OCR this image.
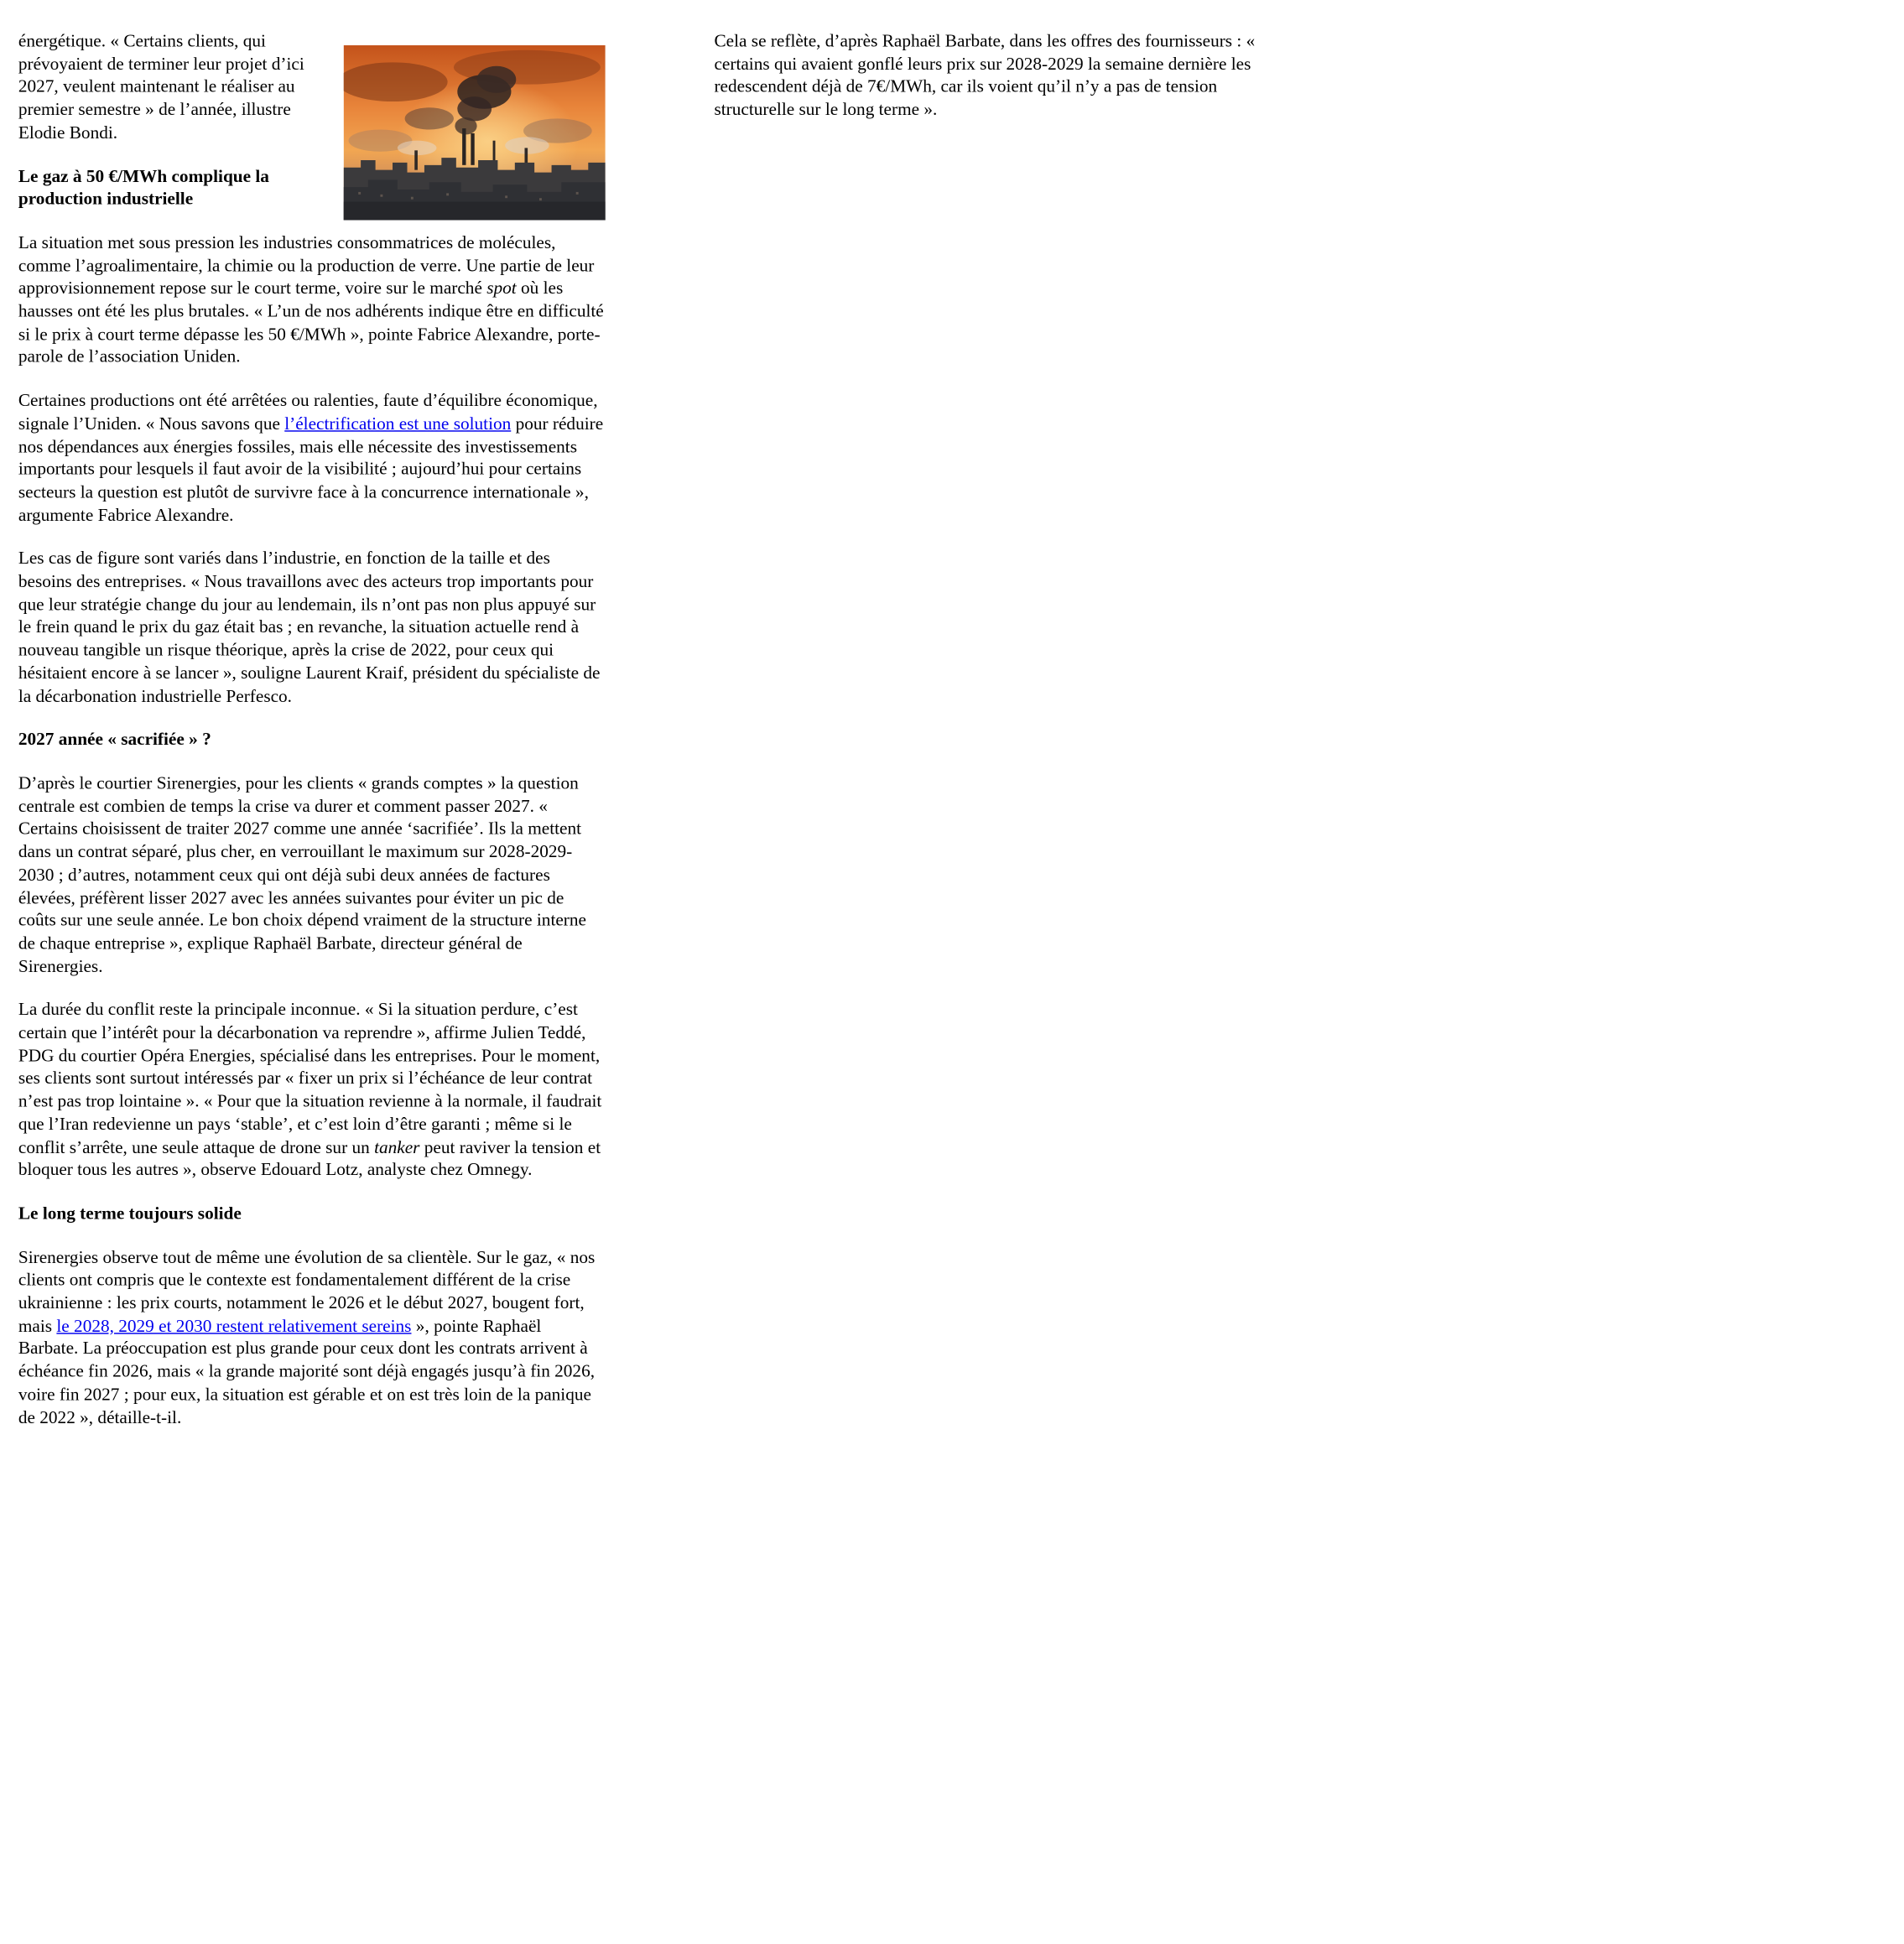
énergétique. « Certains clients, qui prévoyaient de terminer leur projet d’ici 2027, veulent maintenant le réaliser au premier semestre » de l’année, illustre Elodie Bondi.

Le gaz à 50 €/MWh complique la production industrielle

La situation met sous pression les industries consommatrices de molécules, comme l’agroalimentaire, la chimie ou la production de verre. Une partie de leur approvisionnement repose sur le court terme, voire sur le marché spot où les hausses ont été les plus brutales. « L’un de nos adhérents indique être en difficulté si le prix à court terme dépasse les 50 €/MWh », pointe Fabrice Alexandre, porte-parole de l’association Uniden.

Certaines productions ont été arrêtées ou ralenties, faute d’équilibre économique, signale l’Uniden. « Nous savons que l’électrification est une solution pour réduire nos dépendances aux énergies fossiles, mais elle nécessite des investissements importants pour lesquels il faut avoir de la visibilité ; aujourd’hui pour certains secteurs la question est plutôt de survivre face à la concurrence internationale », argumente Fabrice Alexandre.

Les cas de figure sont variés dans l’industrie, en fonction de la taille et des besoins des entreprises. « Nous travaillons avec des acteurs trop importants pour que leur stratégie change du jour au lendemain, ils n’ont pas non plus appuyé sur le frein quand le prix du gaz était bas ; en revanche, la situation actuelle rend à nouveau tangible un risque théorique, après la crise de 2022, pour ceux qui hésitaient encore à se lancer », souligne Laurent Kraif, président du spécialiste de la décarbonation industrielle Perfesco.

2027 année « sacrifiée » ?

D’après le courtier Sirenergies, pour les clients « grands comptes » la question centrale est combien de temps la crise va durer et comment passer 2027. « Certains choisissent de traiter 2027 comme une année ‘sacrifiée’. Ils la mettent dans un contrat séparé, plus cher, en verrouillant le maximum sur 2028-2029-2030 ; d’autres, notamment ceux qui ont déjà subi deux années de factures élevées, préfèrent lisser 2027 avec les années suivantes pour éviter un pic de coûts sur une seule année. Le bon choix dépend vraiment de la structure interne de chaque entreprise », explique Raphaël Barbate, directeur général de Sirenergies.

La durée du conflit reste la principale inconnue. « Si la situation perdure, c’est certain que l’intérêt pour la décarbonation va reprendre », affirme Julien Teddé, PDG du courtier Opéra Energies, spécialisé dans les entreprises. Pour le moment, ses clients sont surtout intéressés par « fixer un prix si l’échéance de leur contrat n’est pas trop lointaine ». « Pour que la situation revienne à la normale, il faudrait que l’Iran redevienne un pays ‘stable’, et c’est loin d’être garanti ; même si le conflit s’arrête, une seule attaque de drone sur un tanker peut raviver la tension et bloquer tous les autres », observe Edouard Lotz, analyste chez Omnegy.

Le long terme toujours solide

Sirenergies observe tout de même une évolution de sa clientèle. Sur le gaz, « nos clients ont compris que le contexte est fondamentalement différent de la crise ukrainienne : les prix courts, notamment le 2026 et le début 2027, bougent fort, mais le 2028, 2029 et 2030 restent relativement sereins », pointe Raphaël Barbate. La préoccupation est plus grande pour ceux dont les contrats arrivent à échéance fin 2026, mais « la grande majorité sont déjà engagés jusqu’à fin 2026, voire fin 2027 ; pour eux, la situation est gérable et on est très loin de la panique de 2022 », détaille-t-il.

Cela se reflète, d’après Raphaël Barbate, dans les offres des fournisseurs : « certains qui avaient gonflé leurs prix sur 2028-2029 la semaine dernière les redescendent déjà de 7€/MWh, car ils voient qu’il n’y a pas de tension structurelle sur le long terme ».
